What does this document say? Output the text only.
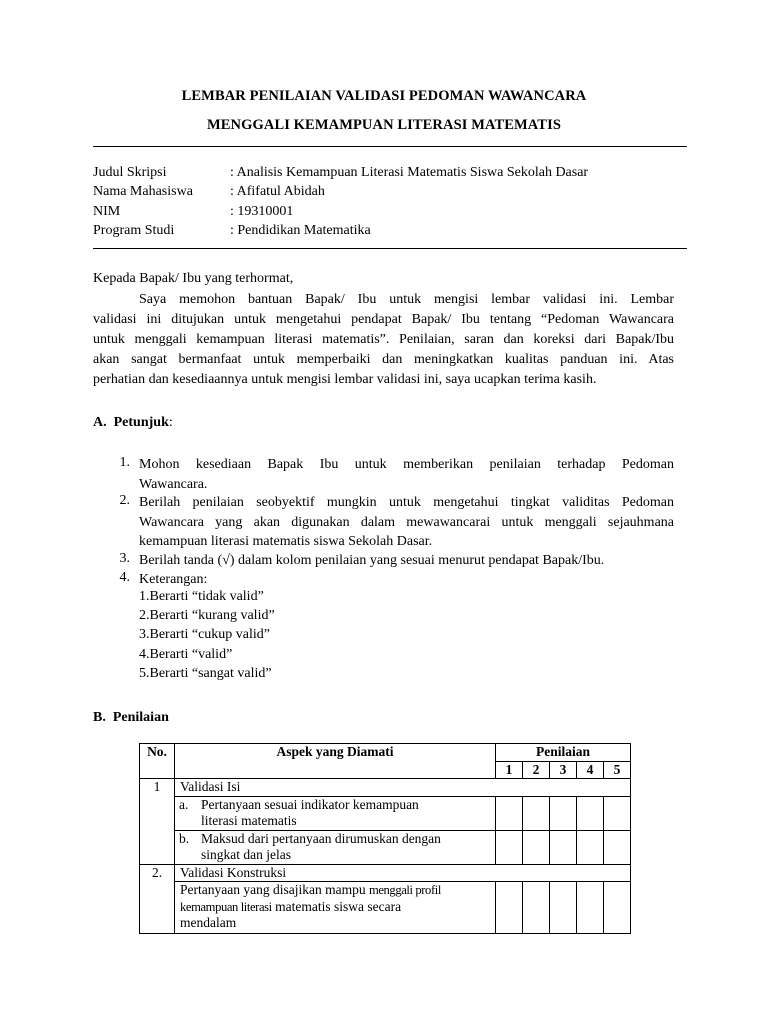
LEMBAR PENILAIAN VALIDASI PEDOMAN WAWANCARA
MENGGALI KEMAMPUAN LITERASI MATEMATIS
Judul Skripsi	: Analisis Kemampuan Literasi Matematis Siswa Sekolah Dasar
Nama Mahasiswa	: Afifatul Abidah
NIM	: 19310001
Program Studi	: Pendidikan Matematika
Kepada Bapak/ Ibu yang terhormat,
Saya memohon bantuan Bapak/ Ibu untuk mengisi lembar validasi ini. Lembar
validasi ini ditujukan untuk mengetahui pendapat Bapak/ Ibu tentang “Pedoman Wawancara
untuk menggali kemampuan literasi matematis”. Penilaian, saran dan koreksi dari Bapak/Ibu
akan sangat bermanfaat untuk memperbaiki dan meningkatkan kualitas panduan ini. Atas
perhatian dan kesediaannya untuk mengisi lembar validasi ini, saya ucapkan terima kasih.
A. Petunjuk:
1. Mohon kesediaan Bapak Ibu untuk memberikan penilaian terhadap Pedoman
Wawancara.
2. Berilah penilaian seobyektif mungkin untuk mengetahui tingkat validitas Pedoman
Wawancara yang akan digunakan dalam mewawancarai untuk menggali sejauhmana
kemampuan literasi matematis siswa Sekolah Dasar.
3. Berilah tanda (√) dalam kolom penilaian yang sesuai menurut pendapat Bapak/Ibu.
4. Keterangan:
1.Berarti “tidak valid”
2.Berarti “kurang valid”
3.Berarti “cukup valid”
4.Berarti “valid”
5.Berarti “sangat valid”
B. Penilaian
No.	Aspek yang Diamati	Penilaian				
		1	2	3	4	5
1	Validasi Isi					
	a. Pertanyaan sesuai indikator kemampuan
literasi matematis					

	b. Maksud dari pertanyaan dirumuskan dengan
singkat dan jelas					

2.	Validasi Konstruksi					
	Pertanyaan yang disajikan mampu menggali profil
kemampuan literasi matematis siswa secara
mendalam					
